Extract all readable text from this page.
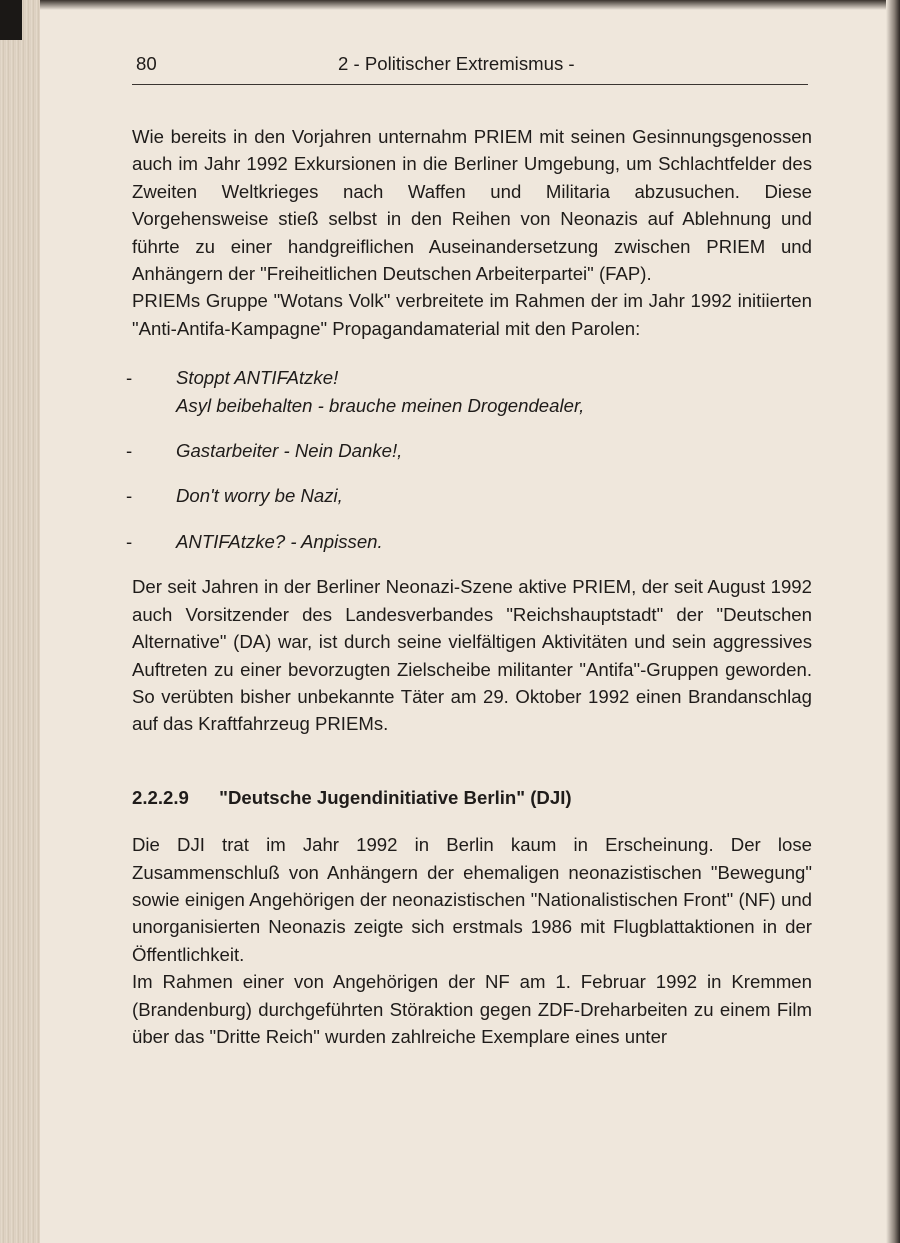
80	2 - Politischer Extremismus -

Wie bereits in den Vorjahren unternahm PRIEM mit seinen Gesinnungsgenossen auch im Jahr 1992 Exkursionen in die Berliner Umgebung, um Schlachtfelder des Zweiten Weltkrieges nach Waffen und Militaria abzusuchen. Diese Vorgehensweise stieß selbst in den Reihen von Neonazis auf Ablehnung und führte zu einer handgreiflichen Auseinandersetzung zwischen PRIEM und Anhängern der "Freiheitlichen Deutschen Arbeiterpartei" (FAP).

PRIEMs Gruppe "Wotans Volk" verbreitete im Rahmen der im Jahr 1992 initiierten "Anti-Antifa-Kampagne" Propagandamaterial mit den Parolen:

- Stoppt ANTIFAtzke!
Asyl beibehalten - brauche meinen Drogendealer,
- Gastarbeiter - Nein Danke!,
- Don't worry be Nazi,
- ANTIFAtzke? - Anpissen.

Der seit Jahren in der Berliner Neonazi-Szene aktive PRIEM, der seit August 1992 auch Vorsitzender des Landesverbandes "Reichshauptstadt" der "Deutschen Alternative" (DA) war, ist durch seine vielfältigen Aktivitäten und sein aggressives Auftreten zu einer bevorzugten Zielscheibe militanter "Antifa"-Gruppen geworden. So verübten bisher unbekannte Täter am 29. Oktober 1992 einen Brandanschlag auf das Kraftfahrzeug PRIEMs.

2.2.2.9 "Deutsche Jugendinitiative Berlin" (DJI)

Die DJI trat im Jahr 1992 in Berlin kaum in Erscheinung. Der lose Zusammenschluß von Anhängern der ehemaligen neonazistischen "Bewegung" sowie einigen Angehörigen der neonazistischen "Nationalistischen Front" (NF) und unorganisierten Neonazis zeigte sich erstmals 1986 mit Flugblattaktionen in der Öffentlichkeit.

Im Rahmen einer von Angehörigen der NF am 1. Februar 1992 in Kremmen (Brandenburg) durchgeführten Störaktion gegen ZDF-Dreharbeiten zu einem Film über das "Dritte Reich" wurden zahlreiche Exemplare eines unter
